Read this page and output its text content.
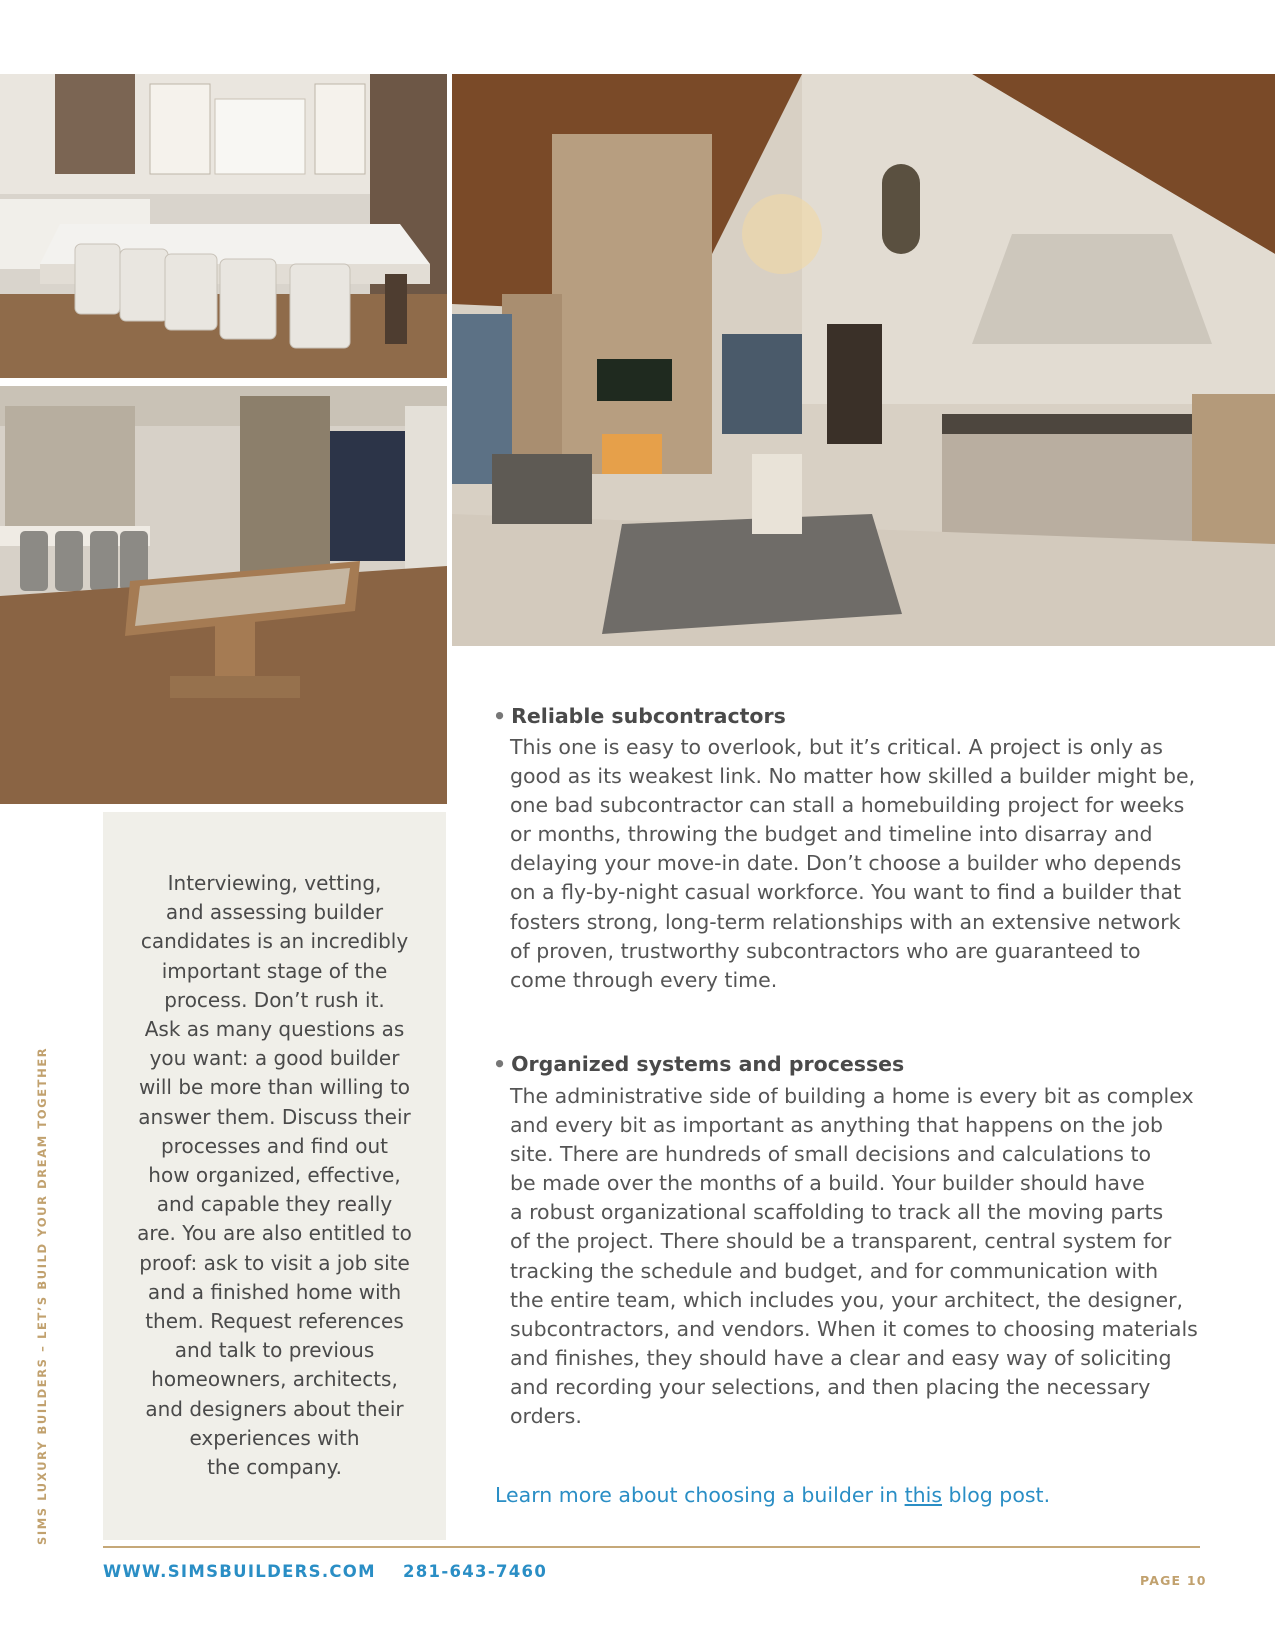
Interviewing, vetting,
and assessing builder
candidates is an incredibly
important stage of the
process. Don’t rush it.
Ask as many questions as
you want: a good builder
will be more than willing to
answer them. Discuss their
processes and find out
how organized, effective,
and capable they really
are. You are also entitled to
proof: ask to visit a job site
and a finished home with
them. Request references
and talk to previous
homeowners, architects,
and designers about their
experiences with
the company.
SIMS LUXURY BUILDERS – LET’S BUILD YOUR DREAM TOGETHER
• Reliable subcontractors
This one is easy to overlook, but it’s critical. A project is only as
good as its weakest link. No matter how skilled a builder might be,
one bad subcontractor can stall a homebuilding project for weeks
or months, throwing the budget and timeline into disarray and
delaying your move-in date. Don’t choose a builder who depends
on a fly-by-night casual workforce. You want to find a builder that
fosters strong, long-term relationships with an extensive network
of proven, trustworthy subcontractors who are guaranteed to
come through every time.
• Organized systems and processes
The administrative side of building a home is every bit as complex
and every bit as important as anything that happens on the job
site. There are hundreds of small decisions and calculations to
be made over the months of a build. Your builder should have
a robust organizational scaffolding to track all the moving parts
of the project. There should be a transparent, central system for
tracking the schedule and budget, and for communication with
the entire team, which includes you, your architect, the designer,
subcontractors, and vendors. When it comes to choosing materials
and finishes, they should have a clear and easy way of soliciting
and recording your selections, and then placing the necessary
orders.
Learn more about choosing a builder in this blog post.
WWW.SIMSBUILDERS.COM 281-643-7460	PAGE 10
